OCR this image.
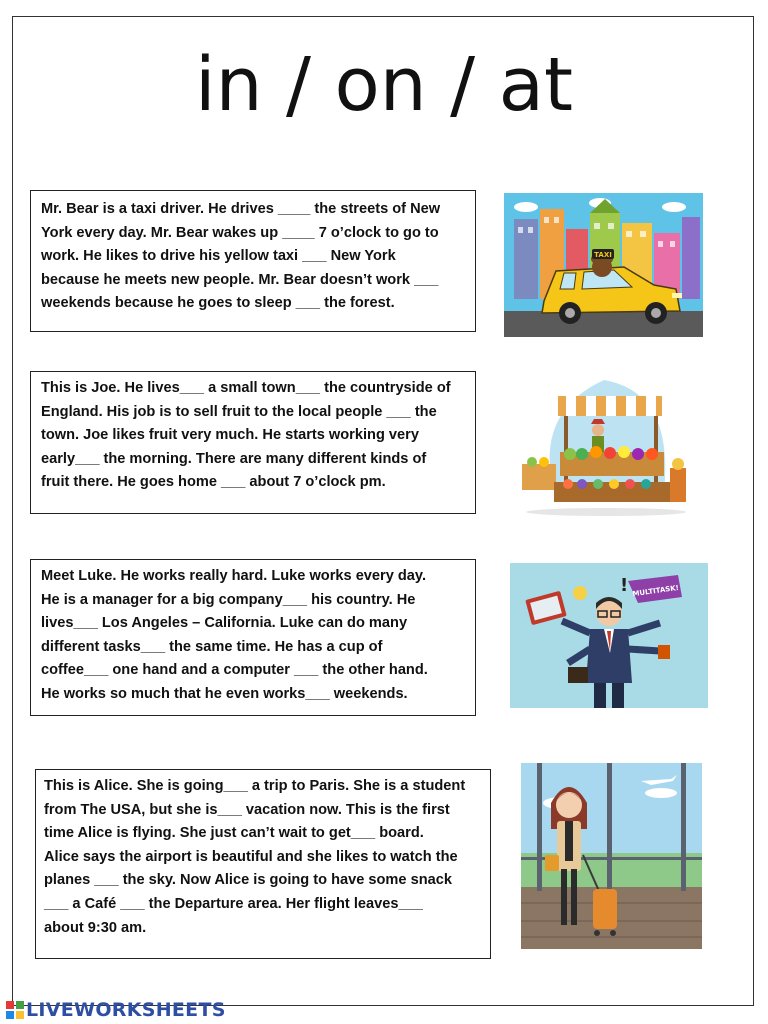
in / on / at

Mr. Bear is a taxi driver. He drives ____ the streets of New

York every day. Mr. Bear wakes up ____ 7 o’clock to go to

work. He likes to drive his yellow taxi ___ New York

because he meets new people. Mr. Bear doesn’t work ___

weekends because he goes to sleep ___ the forest.

TAXI

This is Joe. He lives___ a small town___ the countryside of

England. His job is to sell fruit to the local people ___ the

town. Joe likes fruit very much. He starts working very

early___ the morning. There are many different kinds of

fruit there. He goes home ___ about 7 o’clock pm.

Meet Luke. He works really hard. Luke works every day.

He is a manager for a big company___ his country. He

lives___ Los Angeles – California. Luke can do many

different tasks___ the same time. He has a cup of

coffee___ one hand and a computer ___ the other hand.

He works so much that he even works___ weekends.

MULTITASK!
!

This is Alice. She is going___ a trip to Paris. She is a student

from The USA, but she is___ vacation now. This is the first

time Alice is flying. She just can’t wait to get___ board.

Alice says the airport is beautiful and she likes to watch the

planes ___ the sky. Now Alice is going to have some snack

___ a Café ___ the Departure area. Her flight leaves___

about 9:30 am.

LIVEWORKSHEETS
